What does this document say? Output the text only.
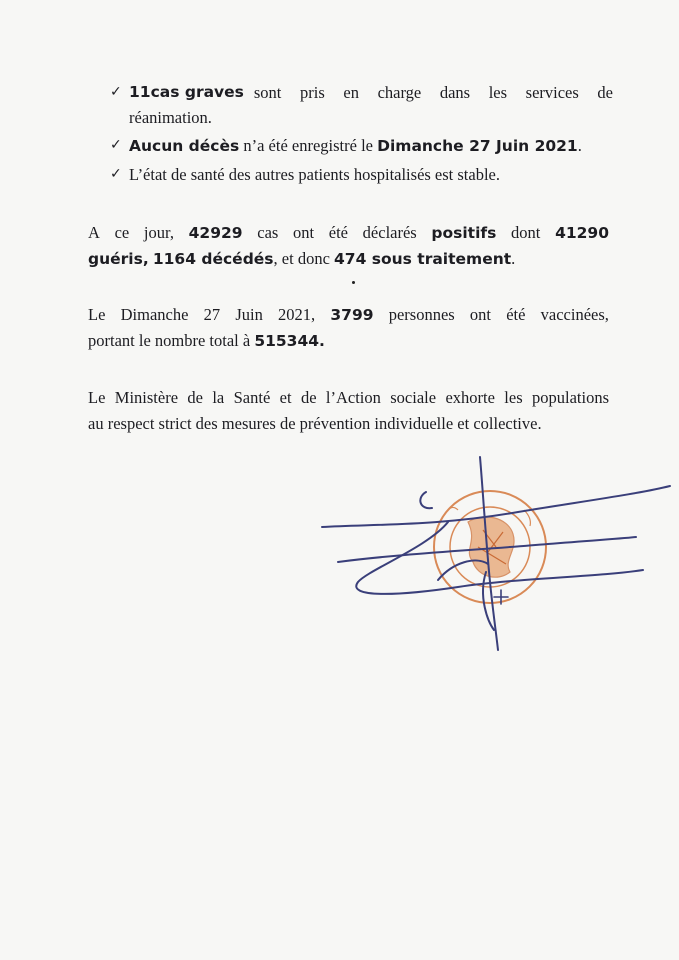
✓ 11 cas graves sont pris en charge dans les services de
réanimation.
✓ Aucun décès n’a été enregistré le Dimanche 27 Juin 2021.
✓ L’état de santé des autres patients hospitalisés est stable.
A ce jour, 42929 cas ont été déclarés positifs dont 41290
guéris, 1164 décédés, et donc 474 sous traitement.
Le Dimanche 27 Juin 2021, 3799 personnes ont été vaccinées,
portant le nombre total à 515344.
Le Ministère de la Santé et de l’Action sociale exhorte les populations
au respect strict des mesures de prévention individuelle et collective.
